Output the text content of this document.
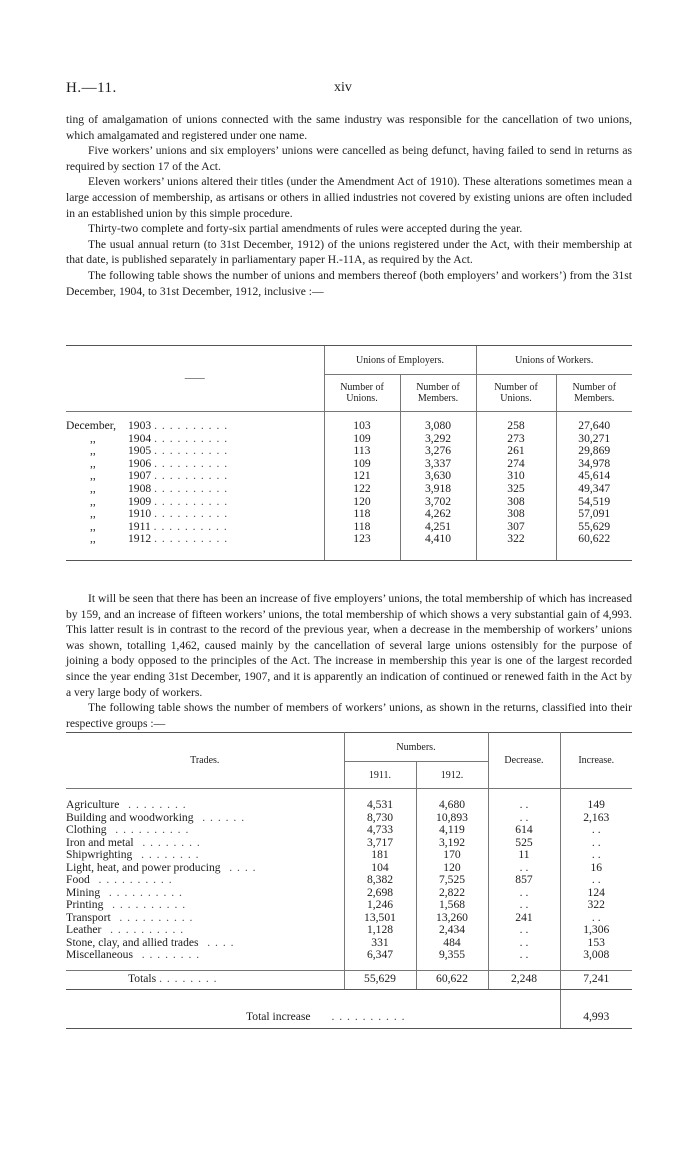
H.—11.	xiv

ting of amalgamation of unions connected with the same industry was responsible for the cancellation of two unions, which amalgamated and registered under one name.

Five workers’ unions and six employers’ unions were cancelled as being defunct, having failed to send in returns as required by section 17 of the Act.

Eleven workers’ unions altered their titles (under the Amendment Act of 1910). These alterations sometimes mean a large accession of membership, as artisans or others in allied industries not covered by existing unions are often included in an established union by this simple procedure.

Thirty-two complete and forty-six partial amendments of rules were accepted during the year.

The usual annual return (to 31st December, 1912) of the unions registered under the Act, with their membership at that date, is published separately in parliamentary paper H.-11A, as required by the Act.

The following table shows the number of unions and members thereof (both employers’ and workers’) from the 31st December, 1904, to 31st December, 1912, inclusive :—

——	Unions of Employers.		Unions of Workers.	
	Number of Unions.	Number of Members.	Number of Unions.	Number of Members.

December, 1903 . . . . . . . . . .	103	3,080	258	27,640
,, 1904 . . . . . . . . . .	109	3,292	273	30,271
,, 1905 . . . . . . . . . .	113	3,276	261	29,869
,, 1906 . . . . . . . . . .	109	3,337	274	34,978
,, 1907 . . . . . . . . . .	121	3,630	310	45,614
,, 1908 . . . . . . . . . .	122	3,918	325	49,347
,, 1909 . . . . . . . . . .	120	3,702	308	54,519
,, 1910 . . . . . . . . . .	118	4,262	308	57,091
,, 1911 . . . . . . . . . .	118	4,251	307	55,629
,, 1912 . . . . . . . . . .	123	4,410	322	60,622

It will be seen that there has been an increase of five employers’ unions, the total membership of which has increased by 159, and an increase of fifteen workers’ unions, the total membership of which shows a very substantial gain of 4,993. This latter result is in contrast to the record of the previous year, when a decrease in the membership of workers’ unions was shown, totalling 1,462, caused mainly by the cancellation of several large unions ostensibly for the purpose of joining a body opposed to the principles of the Act. The increase in membership this year is one of the largest recorded since the year ending 31st December, 1907, and it is apparently an indication of continued or renewed faith in the Act by a very large body of workers.

The following table shows the number of members of workers’ unions, as shown in the returns, classified into their respective groups :—

Trades.	Numbers.		Decrease.	Increase.
	1911.	1912.		

Agriculture . . . . . . . .	4,531	4,680	. .	149
Building and woodworking . . . . . .	8,730	10,893	. .	2,163
Clothing . . . . . . . . . .	4,733	4,119	614	. .
Iron and metal . . . . . . . .	3,717	3,192	525	. .
Shipwrighting . . . . . . . .	181	170	11	. .
Light, heat, and power producing . . . .	104	120	. .	16
Food . . . . . . . . . .	8,382	7,525	857	. .
Mining . . . . . . . . . .	2,698	2,822	. .	124
Printing . . . . . . . . . .	1,246	1,568	. .	322
Transport . . . . . . . . . .	13,501	13,260	241	. .
Leather . . . . . . . . . .	1,128	2,434	. .	1,306
Stone, clay, and allied trades . . . .	331	484	. .	153
Miscellaneous . . . . . . . .	6,347	9,355	. .	3,008

Totals . . . . . . . .	55,629	60,622	2,248	7,241

Total increase . . . . . . . . . .				4,993
